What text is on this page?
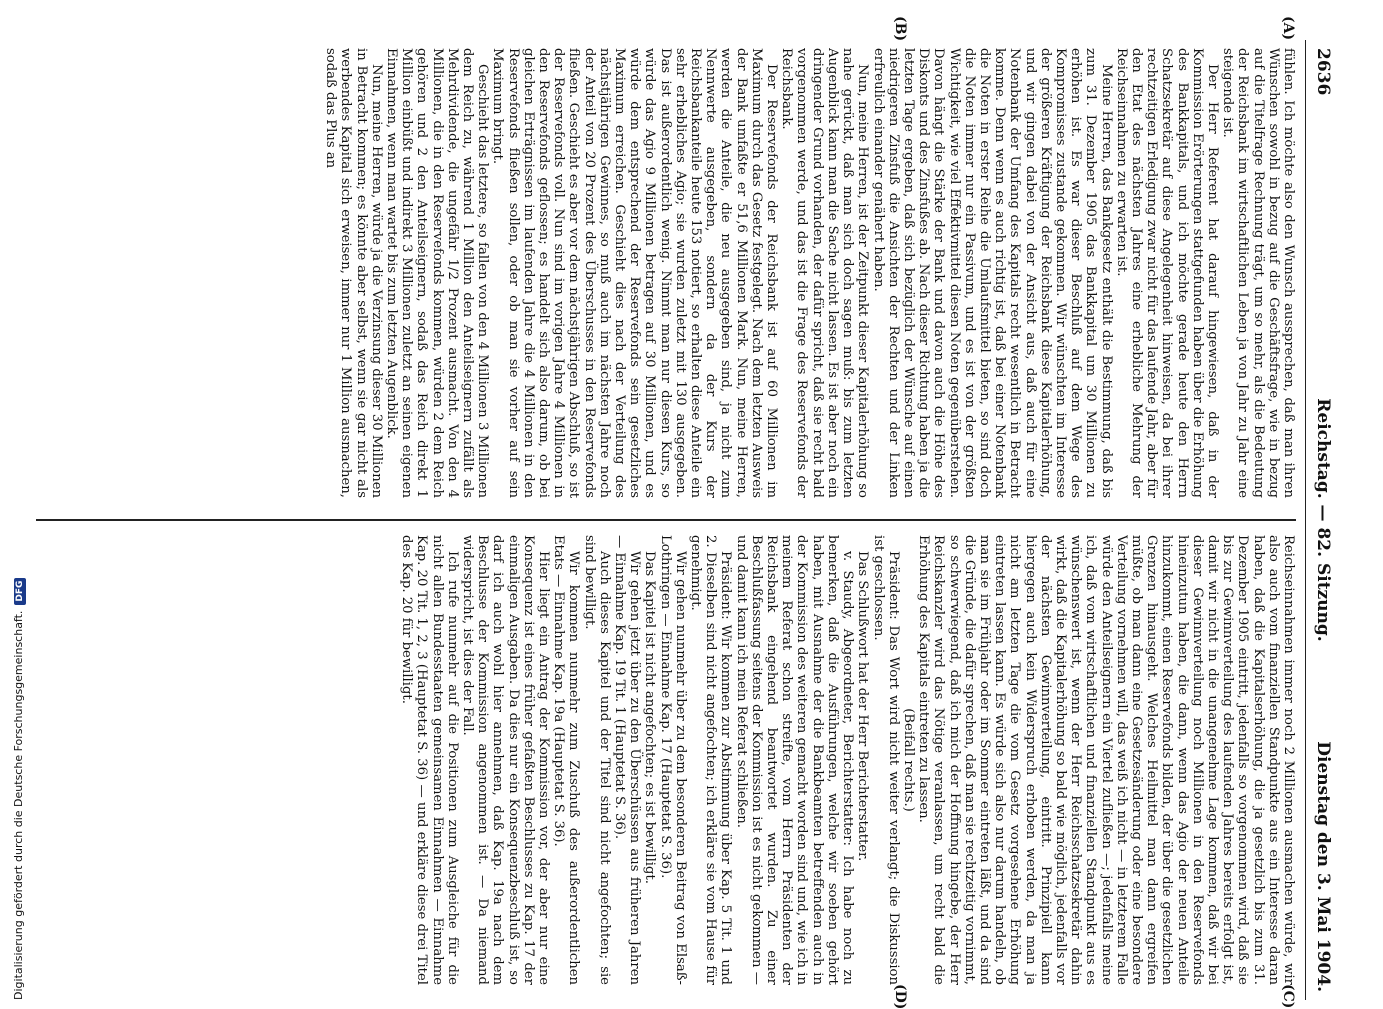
2636
Reichstag. — 82. Sitzung.
Dienstag den 3. Mai 1904.
(A)
(B)
(C)
(D)

fühlen. Ich möchte also den Wunsch aussprechen, daß man ihren Wünschen sowohl in bezug auf die Geschäftsfrage, wie in bezug auf die Titelfrage Rechnung trägt, um so mehr, als die Bedeutung der Reichsbank im wirtschaftlichen Leben ja von Jahr zu Jahr eine steigende ist.

Der Herr Referent hat darauf hingewiesen, daß in der Kommission Erörterungen stattgefunden haben über die Erhöhung des Bankkapitals, und ich möchte gerade heute den Herrn Schatzsekretär auf diese Angelegenheit hinweisen, da bei ihrer rechtzeitigen Erledigung zwar nicht für das laufende Jahr, aber für den Etat des nächsten Jahres eine erhebliche Mehrung der Reichseinnahmen zu erwarten ist.

Meine Herren, das Bankgesetz enthält die Bestimmung, daß bis zum 31. Dezember 1905 das Bankkapital um 30 Millionen zu erhöhen ist. Es war dieser Beschluß auf dem Wege des Kompromisses zustande gekommen. Wir wünschten im Interesse der größeren Kräftigung der Reichsbank diese Kapitalerhöhung, und wir gingen dabei von der Ansicht aus, daß auch für eine Notenbank der Umfang des Kapitals recht wesentlich in Betracht komme. Denn wenn es auch richtig ist, daß bei einer Notenbank die Noten in erster Reihe die Umlaufsmittel bieten, so sind doch die Noten immer nur ein Passivum, und es ist von der größten Wichtigkeit, wie viel Effektivmittel diesen Noten gegenüberstehen. Davon hängt die Stärke der Bank und davon auch die Höhe des Diskonts und des Zinsfußes ab. Nach dieser Richtung haben ja die letzten Tage ergeben, daß sich bezüglich der Wünsche auf einen niedrigeren Zinsfuß die Ansichten der Rechten und der Linken erfreulich einander genähert haben.

Nun, meine Herren, ist der Zeitpunkt dieser Kapitalerhöhung so nahe gerückt, daß man sich doch sagen muß: bis zum letzten Augenblick kann man die Sache nicht lassen. Es ist aber noch ein dringender Grund vorhanden, der dafür spricht, daß sie recht bald vorgenommen werde, und das ist die Frage des Reservefonds der Reichsbank.

Der Reservefonds der Reichsbank ist auf 60 Millionen im Maximum durch das Gesetz festgelegt. Nach dem letzten Ausweis der Bank umfaßte er 51,6 Millionen Mark. Nun, meine Herren, werden die Anteile, die neu ausgegeben sind, ja nicht zum Nennwerte ausgegeben, sondern da der Kurs der Reichsbankanteile heute 153 notiert, so erhalten diese Anteile ein sehr erhebliches Agio; sie wurden zuletzt mit 130 ausgegeben. Das ist außerordentlich wenig. Nimmt man nur diesen Kurs, so würde das Agio 9 Millionen betragen auf 30 Millionen, und es würde dem entsprechend der Reservefonds sein gesetzliches Maximum erreichen. Geschieht dies nach der Verteilung des nächstjährigen Gewinnes, so muß auch im nächsten Jahre noch der Anteil von 20 Prozent des Überschusses in den Reservefonds fließen. Geschieht es aber vor dem nächstjährigen Abschluß, so ist der Reservefonds voll. Nun sind im vorigen Jahre 4 Millionen in den Reservefonds geflossen; es handelt sich also darum, ob bei gleichen Erträgnissen im laufenden Jahre die 4 Millionen in den Reservefonds fließen sollen, oder ob man sie vorher auf sein Maximum bringt.

Geschieht das letztere, so fallen von den 4 Millionen 3 Millionen dem Reich zu, während 1 Million den Anteilseignern zufällt als Mehrdividende, die ungefähr 1/2 Prozent ausmacht. Von den 4 Millionen, die in den Reservefonds kommen, würden 2 dem Reich gehören und 2 den Anteilseignern, sodaß das Reich direkt 1 Million einbüßt und indirekt 3 Millionen zuletzt an seinen eigenen Einnahmen, wenn man wartet bis zum letzten Augenblick.

Nun, meine Herren, würde ja die Verzinsung dieser 30 Millionen in Betracht kommen; es könnte aber selbst, wenn sie gar nicht als werbendes Kapital sich erweisen, immer nur 1 Million ausmachen, sodaß das Plus an

Reichseinnahmen immer noch 2 Millionen ausmachen würde, wir also auch vom finanziellen Standpunkte aus ein Interesse daran haben, daß die Kapitalserhöhung, die ja gesetzlich bis zum 31. Dezember 1905 eintritt, jedenfalls so vorgenommen wird, daß sie bis zur Gewinnverteilung des laufenden Jahres bereits erfolgt ist, damit wir nicht in die unangenehme Lage kommen, daß wir bei dieser Gewinnverteilung noch Millionen in den Reservefonds hineinzutun haben, die dann, wenn das Agio der neuen Anteile hinzukommt, einen Reservefonds bilden, der über die gesetzlichen Grenzen hinausgeht. Welches Heilmittel man dann ergreifen müßte, ob man dann eine Gesetzesänderung oder eine besondere Verteilung vornehmen will, das weiß ich nicht — in letzterem Falle würde den Anteilseignern ein Viertel zufließen —; jedenfalls meine ich, daß vom wirtschaftlichen und finanziellen Standpunkt aus es wünschenswert ist, wenn der Herr Reichsschatzsekretär dahin wirkt, daß die Kapitalerhöhung so bald wie möglich, jedenfalls vor der nächsten Gewinnverteilung, eintritt. Prinzipiell kann hiergegen auch kein Widerspruch erhoben werden, da man ja nicht am letzten Tage die vom Gesetz vorgesehene Erhöhung eintreten lassen kann. Es würde sich also nur darum handeln, ob man sie im Frühjahr oder im Sommer eintreten läßt, und da sind die Gründe, die dafür sprechen, daß man sie rechtzeitig vornimmt, so schwerwiegend, daß ich mich der Hoffnung hingebe, der Herr Reichskanzler wird das Nötige veranlassen, um recht bald die Erhöhung des Kapitals eintreten zu lassen.

(Beifall rechts.)

Präsident: Das Wort wird nicht weiter verlangt; die Diskussion ist geschlossen.

Das Schlußwort hat der Herr Berichterstatter.

v. Staudy, Abgeordneter, Berichterstatter: Ich habe noch zu bemerken, daß die Ausführungen, welche wir soeben gehört haben, mit Ausnahme der die Bankbeamten betreffenden auch in der Kommission des weiteren gemacht worden sind und, wie ich in meinem Referat schon streifte, vom Herrn Präsidenten der Reichsbank eingehend beantwortet wurden. Zu einer Beschlußfassung seitens der Kommission ist es nicht gekommen — und damit kann ich mein Referat schließen.

Präsident: Wir kommen zur Abstimmung über Kap. 5 Tit. 1 und 2. Dieselben sind nicht angefochten; ich erkläre sie vom Hause für genehmigt.

Wir gehen nunmehr über zu dem besonderen Beitrag von Elsaß-Lothringen — Einnahme Kap. 17 (Hauptetat S. 36).

Das Kapitel ist nicht angefochten; es ist bewilligt.

Wir gehen jetzt über zu den Überschüssen aus früheren Jahren — Einnahme Kap. 19 Tit. 1 (Hauptetat S. 36).

Auch dieses Kapitel und der Titel sind nicht angefochten; sie sind bewilligt.

Wir kommen nunmehr zum Zuschuß des außerordentlichen Etats — Einnahme Kap. 19a (Hauptetat S. 36).

Hier liegt ein Antrag der Kommission vor, der aber nur eine Konsequenz ist eines früher gefaßten Beschlusses zu Kap. 17 der einmaligen Ausgaben. Da dies nur ein Konsequenzbeschluß ist, so darf ich auch wohl hier annehmen, daß Kap. 19a nach dem Beschlusse der Kommission angenommen ist. — Da niemand widerspricht, ist dies der Fall.

Ich rufe nunmehr auf die Positionen zum Ausgleiche für die nicht allen Bundesstaaten gemeinsamen Einnahmen — Einnahme Kap. 20 Tit. 1, 2, 3 (Hauptetat S. 36) — und erkläre diese drei Titel des Kap. 20 für bewilligt.

Digitalisierung gefördert durch die Deutsche Forschungsgemeinschaft.DFG
